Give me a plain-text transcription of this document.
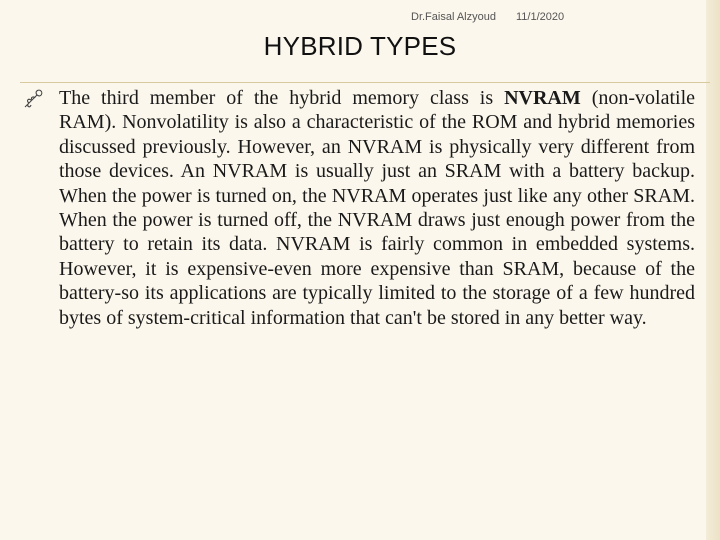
Dr.Faisal Alzyoud 11/1/2020
HYBRID TYPES

The third member of the hybrid memory class is NVRAM (non-volatile RAM). Nonvolatility is also a characteristic of the ROM and hybrid memories discussed previously. However, an NVRAM is physically very different from those devices. An NVRAM is usually just an SRAM with a battery backup. When the power is turned on, the NVRAM operates just like any other SRAM. When the power is turned off, the NVRAM draws just enough power from the battery to retain its data. NVRAM is fairly common in embedded systems. However, it is expensive-even more expensive than SRAM, because of the battery-so its applications are typically limited to the storage of a few hundred bytes of system-critical information that can't be stored in any better way.
